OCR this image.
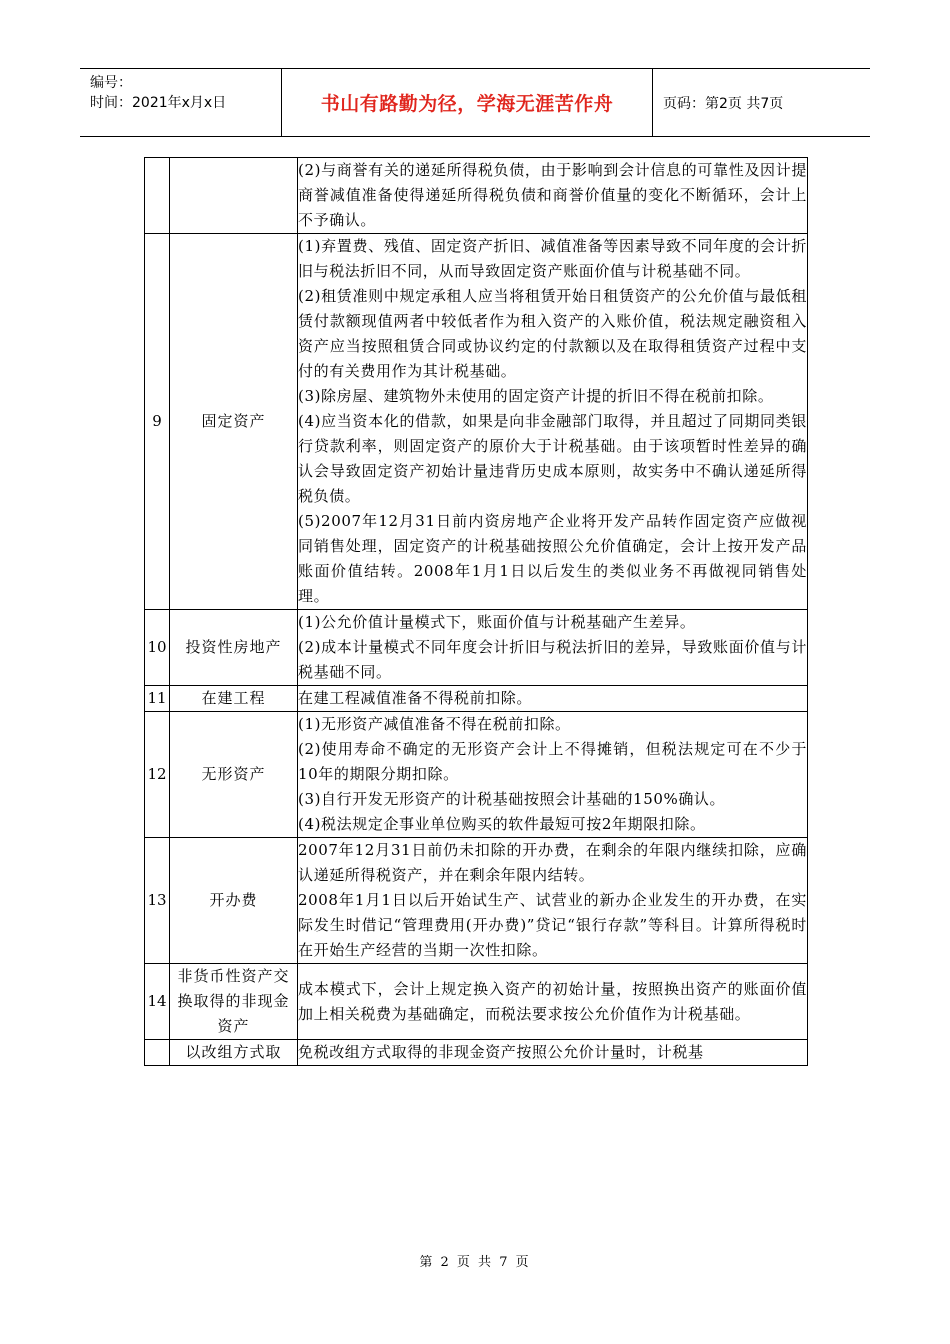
编号：
时间：2021年x月x日	书山有路勤为径，学海无涯苦作舟	页码：第2页 共7页

		(2)与商誉有关的递延所得税负债，由于影响到会计信息的可靠性及因计提商誉减值准备使得递延所得税负债和商誉价值量的变化不断循环，会计上不予确认。

9	固定资产	(1)弃置费、残值、固定资产折旧、减值准备等因素导致不同年度的会计折旧与税法折旧不同，从而导致固定资产账面价值与计税基础不同。

(2)租赁准则中规定承租人应当将租赁开始日租赁资产的公允价值与最低租赁付款额现值两者中较低者作为租入资产的入账价值，税法规定融资租入资产应当按照租赁合同或协议约定的付款额以及在取得租赁资产过程中支付的有关费用作为其计税基础。

(3)除房屋、建筑物外未使用的固定资产计提的折旧不得在税前扣除。

(4)应当资本化的借款，如果是向非金融部门取得，并且超过了同期同类银行贷款利率，则固定资产的原价大于计税基础。由于该项暂时性差异的确认会导致固定资产初始计量违背历史成本原则，故实务中不确认递延所得税负债。

(5)2007年12月31日前内资房地产企业将开发产品转作固定资产应做视同销售处理，固定资产的计税基础按照公允价值确定，会计上按开发产品账面价值结转。2008年1月1日以后发生的类似业务不再做视同销售处理。

10	投资性房地产	(1)公允价值计量模式下，账面价值与计税基础产生差异。

(2)成本计量模式不同年度会计折旧与税法折旧的差异，导致账面价值与计税基础不同。

11	在建工程	在建工程减值准备不得税前扣除。

12	无形资产	(1)无形资产减值准备不得在税前扣除。

(2)使用寿命不确定的无形资产会计上不得摊销，但税法规定可在不少于10年的期限分期扣除。

(3)自行开发无形资产的计税基础按照会计基础的150%确认。

(4)税法规定企事业单位购买的软件最短可按2年期限扣除。

13	开办费	2007年12月31日前仍未扣除的开办费，在剩余的年限内继续扣除，应确认递延所得税资产，并在剩余年限内结转。

2008年1月1日以后开始试生产、试营业的新办企业发生的开办费，在实际发生时借记“管理费用(开办费)”贷记“银行存款”等科目。计算所得税时在开始生产经营的当期一次性扣除。

14	非货币性资产交换取得的非现金资产	成本模式下，会计上规定换入资产的初始计量，按照换出资产的账面价值加上相关税费为基础确定，而税法要求按公允价值作为计税基础。

	以改组方式取	免税改组方式取得的非现金资产按照公允价计量时，计税基

第 2 页 共 7 页
